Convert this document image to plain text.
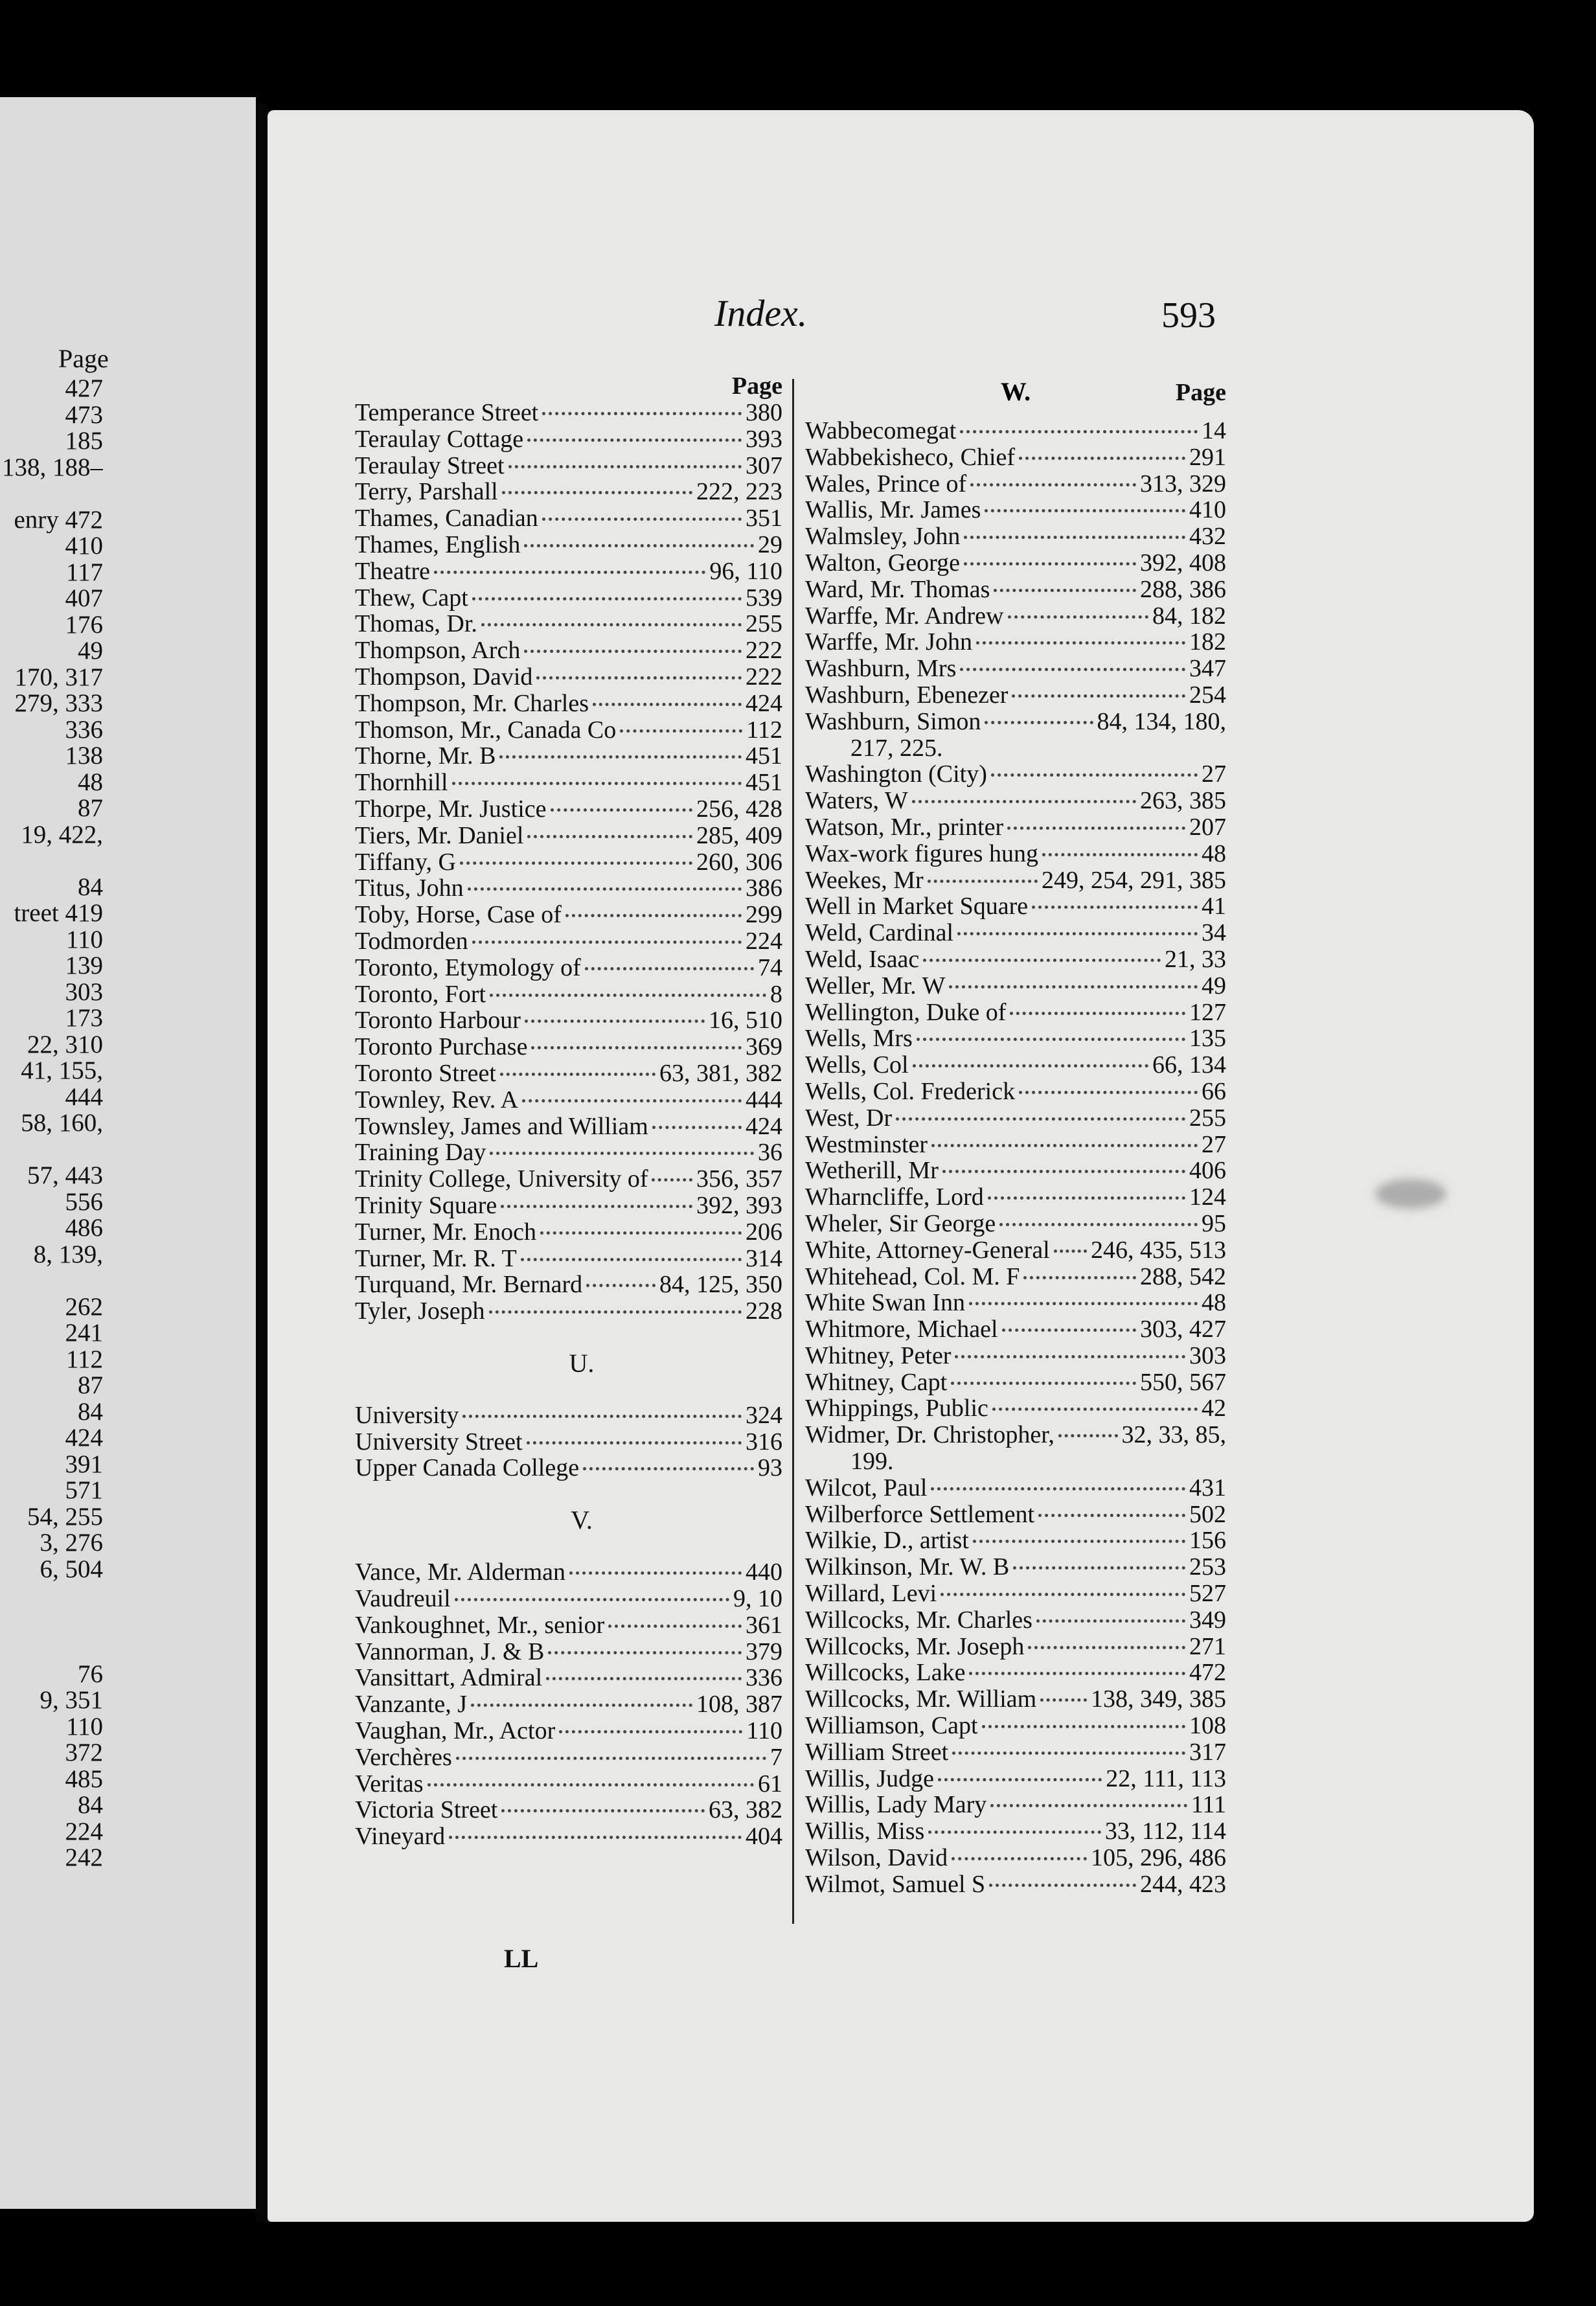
Page
427
473
185
138, 188–
enry 472
410
117
407
176
49
170, 317
279, 333
336
138
48
87
19, 422,
84
treet 419
110
139
303
173
22, 310
41, 155,
444
58, 160,
57, 443
556
486
8, 139,
262
241
112
87
84
424
391
571
54, 255
3, 276
6, 504
76
9, 351
110
372
485
84
224
242
Index.	593
Page
Temperance Street	380
Teraulay Cottage	393
Teraulay Street	307
Terry, Parshall	222, 223
Thames, Canadian	351
Thames, English	29
Theatre	96, 110
Thew, Capt	539
Thomas, Dr.	255
Thompson, Arch	222
Thompson, David	222
Thompson, Mr. Charles	424
Thomson, Mr., Canada Co	112
Thorne, Mr. B	451
Thornhill	451
Thorpe, Mr. Justice	256, 428
Tiers, Mr. Daniel	285, 409
Tiffany, G	260, 306
Titus, John	386
Toby, Horse, Case of	299
Todmorden	224
Toronto, Etymology of	74
Toronto, Fort	8
Toronto Harbour	16, 510
Toronto Purchase	369
Toronto Street	63, 381, 382
Townley, Rev. A	444
Townsley, James and William	424
Training Day	36
Trinity College, University of 356, 357
Trinity Square	392, 393
Turner, Mr. Enoch	206
Turner, Mr. R. T	314
Turquand, Mr. Bernard	84, 125, 350
Tyler, Joseph	228
U.
University	324
University Street	316
Upper Canada College	93
V.
Vance, Mr. Alderman	440
Vaudreuil	9, 10
Vankoughnet, Mr., senior	361
Vannorman, J. & B	379
Vansittart, Admiral	336
Vanzante, J	108, 387
Vaughan, Mr., Actor	110
Verchères	7
Veritas	61
Victoria Street	63, 382
Vineyard	404
Page
W.
Wabbecomegat	14
Wabbekisheco, Chief	291
Wales, Prince of	313, 329
Wallis, Mr. James	410
Walmsley, John	432
Walton, George	392, 408
Ward, Mr. Thomas	288, 386
Warffe, Mr. Andrew	84, 182
Warffe, Mr. John	182
Washburn, Mrs	347
Washburn, Ebenezer	254
Washburn, Simon	84, 134, 180,
217, 225.
Washington (City)	27
Waters, W	263, 385
Watson, Mr., printer	207
Wax-work figures hung	48
Weekes, Mr	249, 254, 291, 385
Well in Market Square	41
Weld, Cardinal	34
Weld, Isaac	21, 33
Weller, Mr. W	49
Wellington, Duke of	127
Wells, Mrs	135
Wells, Col	66, 134
Wells, Col. Frederick	66
West, Dr	255
Westminster	27
Wetherill, Mr	406
Wharncliffe, Lord	124
Wheler, Sir George	95
White, Attorney-General 246, 435, 513
Whitehead, Col. M. F	288, 542
White Swan Inn	48
Whitmore, Michael	303, 427
Whitney, Peter	303
Whitney, Capt	550, 567
Whippings, Public	42
Widmer, Dr. Christopher,	32, 33, 85,
199.
Wilcot, Paul	431
Wilberforce Settlement	502
Wilkie, D., artist	156
Wilkinson, Mr. W. B	253
Willard, Levi	527
Willcocks, Mr. Charles	349
Willcocks, Mr. Joseph	271
Willcocks, Lake	472
Willcocks, Mr. William 138, 349, 385
Williamson, Capt	108
William Street	317
Willis, Judge	22, 111, 113
Willis, Lady Mary	111
Willis, Miss	33, 112, 114
Wilson, David	105, 296, 486
Wilmot, Samuel S	244, 423
LL
